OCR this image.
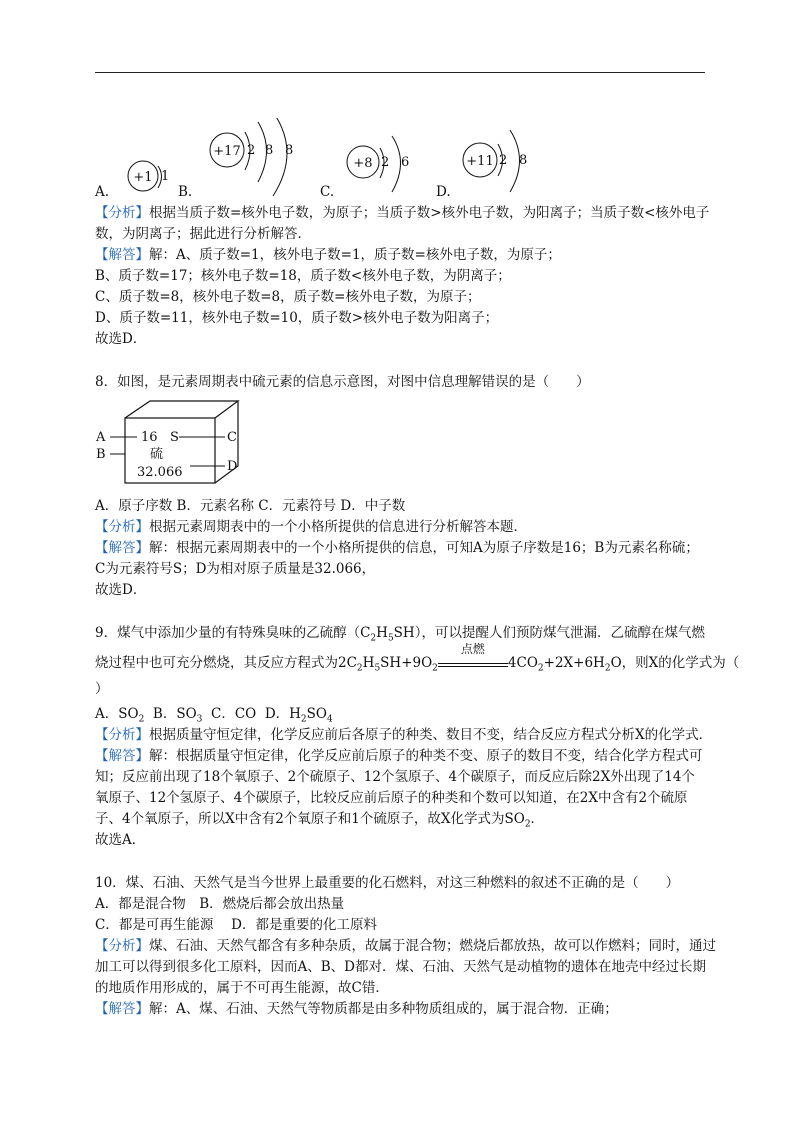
+1 1
+17 2 8 8
+8 2 6	+11 2 8
A.	B.	C.	D.
【分析】根据当质子数=核外电子数，为原子；当质子数>核外电子数，为阳离子；当质子数<核外电子
数，为阴离子；据此进行分析解答．
【解答】解：A、质子数=1，核外电子数=1，质子数=核外电子数，为原子；
B、质子数=17；核外电子数=18，质子数<核外电子数，为阴离子；
C、质子数=8，核外电子数=8，质子数=核外电子数，为原子；
D、质子数=11，核外电子数=10，质子数>核外电子数为阳离子；
故选D．
8．如图，是元素周期表中硫元素的信息示意图，对图中信息理解错误的是（　　）
A
B
C
D
16 S
硫
32.066
A．原子序数 B．元素名称 C．元素符号 D．中子数
【分析】根据元素周期表中的一个小格所提供的信息进行分析解答本题．
【解答】解：根据元素周期表中的一个小格所提供的信息，可知A为原子序数是16；B为元素名称硫；
C为元素符号S；D为相对原子质量是32.066，
故选D．
9．煤气中添加少量的有特殊臭味的乙硫醇$(C_2H_5SH)$，可以提醒人们预防煤气泄漏．乙硫醇在煤气燃
烧过程中也可充分燃烧，其反应方程式为$2C_2H_5SH+9O_2$
点燃
$4CO_2+2X+6H_2O$，则X的化学式为（
）
A．$SO_2$ B．$SO_3$ C．CO D．$H_2SO_4$
【分析】根据质量守恒定律，化学反应前后各原子的种类、数目不变，结合反应方程式分析X的化学式．
【解答】解：根据质量守恒定律，化学反应前后原子的种类不变、原子的数目不变，结合化学方程式可
知；反应前出现了18个氧原子、2个硫原子、12个氢原子、4个碳原子，而反应后除2X外出现了14个
氧原子、12个氢原子、4个碳原子，比较反应前后原子的种类和个数可以知道，在2X中含有2个硫原
子、4个氧原子，所以X中含有2个氧原子和1个硫原子，故X化学式为$SO_2$．
故选A．
10．煤、石油、天然气是当今世界上最重要的化石燃料，对这三种燃料的叙述不正确的是（　　）
A．都是混合物　B．燃烧后都会放出热量
C．都是可再生能源　 D．都是重要的化工原料
【分析】煤、石油、天然气都含有多种杂质，故属于混合物；燃烧后都放热，故可以作燃料；同时，通过
加工可以得到很多化工原料，因而A、B、D都对．煤、石油、天然气是动植物的遗体在地壳中经过长期
的地质作用形成的，属于不可再生能源，故C错．
【解答】解：A、煤、石油、天然气等物质都是由多种物质组成的，属于混合物．正确；
